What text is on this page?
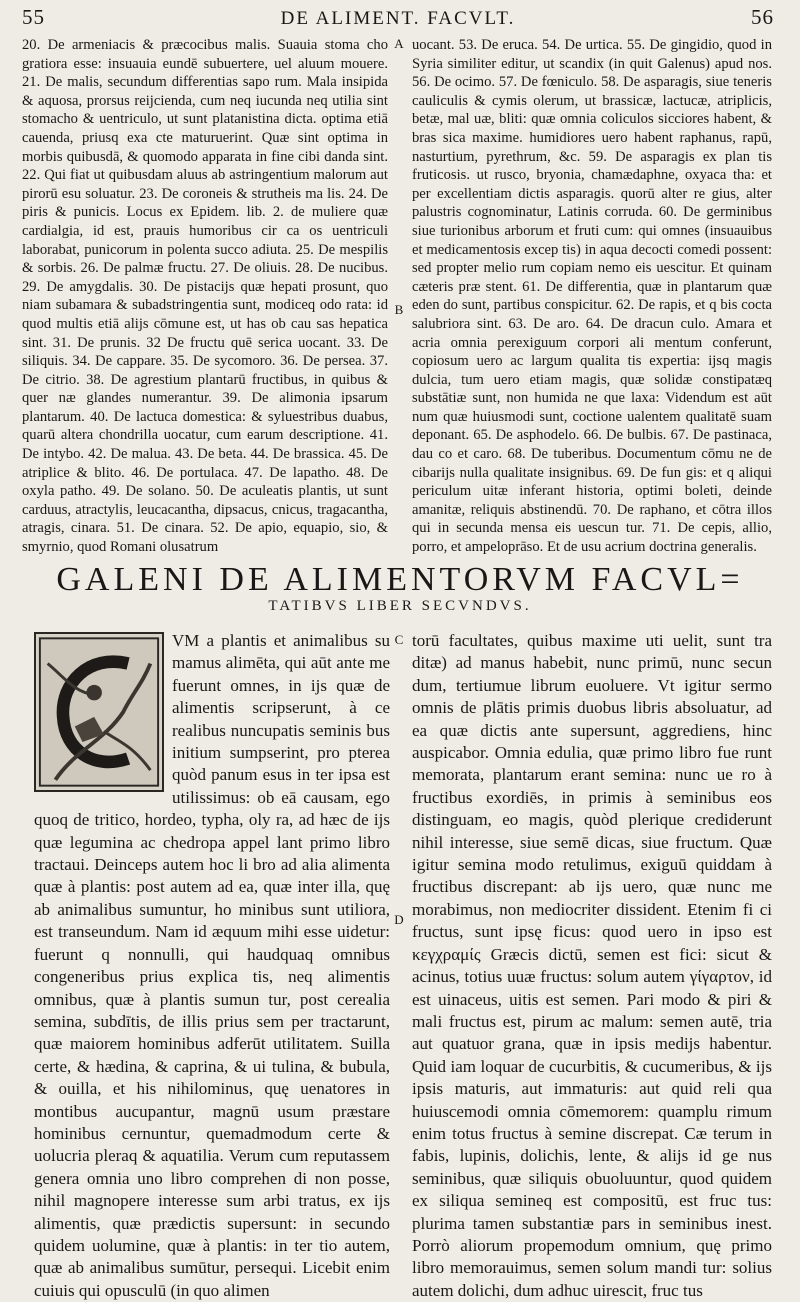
55	DE ALIMENT. FACVLT.	56

20. De armeniacis & præcocibus malis. Suauia stoma cho gratiora esse: insuauia eundē subuertere, uel aluum mouere. 21. De malis, secundum differentias sapo rum. Mala insipida & aquosa, prorsus reijcienda, cum neq iucunda neq utilia sint stomacho & uentriculo, ut sunt platanistina dicta. optima etiā cauenda, priusq exa cte maturuerint. Quæ sint optima in morbis quibusdā, & quomodo apparata in fine cibi danda sint. 22. Qui fiat ut quibusdam aluus ab astringentium malorum aut pirorū esu soluatur. 23. De coroneis & strutheis ma lis. 24. De piris & punicis. Locus ex Epidem. lib. 2. de muliere quæ cardialgia, id est, prauis humoribus cir ca os uentriculi laborabat, punicorum in polenta succo adiuta. 25. De mespilis & sorbis. 26. De palmæ fructu. 27. De oliuis. 28. De nucibus. 29. De amygdalis. 30. De pistacijs quæ hepati prosunt, quo niam subamara & subadstringentia sunt, modiceq odo rata: id quod multis etiā alijs cōmune est, ut has ob cau sas hepatica sint. 31. De prunis. 32 De fructu quē serica uocant. 33. De siliquis. 34. De cappare. 35. De sycomoro. 36. De persea. 37. De citrio. 38. De agrestium plantarū fructibus, in quibus & quer næ glandes numerantur. 39. De alimonia ipsarum plantarum. 40. De lactuca domestica: & syluestribus duabus, quarū altera chondrilla uocatur, cum earum descriptione. 41. De intybo. 42. De malua. 43. De beta. 44. De brassica. 45. De atriplice & blito. 46. De portulaca. 47. De lapatho. 48. De oxyla patho. 49. De solano. 50. De aculeatis plantis, ut sunt carduus, atractylis, leucacantha, dipsacus, cnicus, tragacantha, atragis, cinara. 51. De cinara. 52. De apio, equapio, sio, & smyrnio, quod Romani olusatrum

uocant. 53. De eruca. 54. De urtica. 55. De gingidio, quod in Syria similiter editur, ut scandix (in quit Galenus) apud nos. 56. De ocimo. 57. De fœniculo. 58. De asparagis, siue teneris cauliculis & cymis olerum, ut brassicæ, lactucæ, atriplicis, betæ, mal uæ, bliti: quæ omnia coliculos sicciores habent, & bras sica maxime. humidiores uero habent raphanus, rapū, nasturtium, pyrethrum, &c. 59. De asparagis ex plan tis fruticosis. ut rusco, bryonia, chamædaphne, oxyaca tha: et per excellentiam dictis asparagis. quorū alter re gius, alter palustris cognominatur, Latinis corruda. 60. De germinibus siue turionibus arborum et fruti cum: qui omnes (insuauibus et medicamentosis excep tis) in aqua decocti comedi possent: sed propter melio rum copiam nemo eis uescitur. Et quinam cæteris præ stent. 61. De differentia, quæ in plantarum quæ eden do sunt, partibus conspicitur. 62. De rapis, et q bis cocta salubriora sint. 63. De aro. 64. De dracun culo. Amara et acria omnia perexiguum corpori ali mentum conferunt, copiosum uero ac largum qualita tis expertia: ijsq magis dulcia, tum uero etiam magis, quæ solidæ constipatæq substātiæ sunt, non humida ne que laxa: Videndum est aūt num quæ huiusmodi sunt, coctione ualentem qualitatē suam deponant. 65. De asphodelo. 66. De bulbis. 67. De pastinaca, dau co et caro. 68. De tuberibus. Documentum cōmu ne de cibarijs nulla qualitate insignibus. 69. De fun gis: et q aliqui periculum uitæ inferant historia, optimi boleti, deinde amanitæ, reliquis abstinendū. 70. De raphano, et cōtra illos qui in secunda mensa eis uescun tur. 71. De cepis, allio, porro, et ampeloprāso. Et de usu acrium doctrina generalis.

A
B
C
D
GALENI DE ALIMENTORVM FACVL=
TATIBVS LIBER SECVNDVS.

VM a plantis et animalibus su mamus alimēta, qui aūt ante me fuerunt omnes, in ijs quæ de alimentis scripserunt, à ce realibus nuncupatis seminis bus initium sumpserint, pro pterea quòd panum esus in ter ipsa est utilissimus: ob eā causam, ego quoq de tritico, hordeo, typha, oly ra, ad hæc de ijs quæ legumina ac chedropa appel lant primo libro tractaui. Deinceps autem hoc li bro ad alia alimenta quæ à plantis: post autem ad ea, quæ inter illa, quę ab animalibus sumuntur, ho minibus sunt utiliora, est transeundum. Nam id æquum mihi esse uidetur: fuerunt q nonnulli, qui haudquaq omnibus congeneribus prius explica tis, neq alimentis omnibus, quæ à plantis sumun tur, post cerealia semina, subdītis, de illis prius sem per tractarunt, quæ maiorem hominibus adferūt utilitatem. Suilla certe, & hædina, & caprina, & ui tulina, & bubula, & ouilla, et his nihilominus, quę uenatores in montibus aucupantur, magnū usum præstare hominibus cernuntur, quemadmodum certe & uolucria pleraq & aquatilia. Verum cum reputassem genera omnia uno libro comprehen di non posse, nihil magnopere interesse sum arbi tratus, ex ijs alimentis, quæ prædictis supersunt: in secundo quidem uolumine, quæ à plantis: in ter tio autem, quæ ab animalibus sumūtur, persequi. Licebit enim cuiuis qui opusculū (in quo alimen

torū facultates, quibus maxime uti uelit, sunt tra ditæ) ad manus habebit, nunc primū, nunc secun dum, tertiumue librum euoluere. Vt igitur sermo omnis de plātis primis duobus libris absoluatur, ad ea quæ dictis ante supersunt, aggrediens, hinc auspicabor. Omnia edulia, quæ primo libro fue runt memorata, plantarum erant semina: nunc ue ro à fructibus exordiēs, in primis à seminibus eos distinguam, eo magis, quòd plerique crediderunt nihil interesse, siue semē dicas, siue fructum. Quæ igitur semina modo retulimus, exiguū quiddam à fructibus discrepant: ab ijs uero, quæ nunc me morabimus, non mediocriter dissident. Etenim fi ci fructus, sunt ipsę ficus: quod uero in ipso est κεγχραμίς Græcis dictū, semen est fici: sicut & acinus, totius uuæ fructus: solum autem γίγαρτον, id est uinaceus, uitis est semen. Pari modo & piri & mali fructus est, pirum ac malum: semen autē, tria aut quatuor grana, quæ in ipsis medijs habentur. Quid iam loquar de cucurbitis, & cucumeribus, & ijs ipsis maturis, aut immaturis: aut quid reli qua huiuscemodi omnia cōmemorem: quamplu rimum enim totus fructus à semine discrepat. Cæ terum in fabis, lupinis, dolichis, lente, & alijs id ge nus seminibus, quæ siliquis obuoluuntur, quod quidem ex siliqua semineq est compositū, est fruc tus: plurima tamen substantiæ pars in seminibus inest. Porrò aliorum propemodum omnium, quę primo libro memorauimus, semen solum mandi tur: solius autem dolichi, dum adhuc uirescit, fruc tus
